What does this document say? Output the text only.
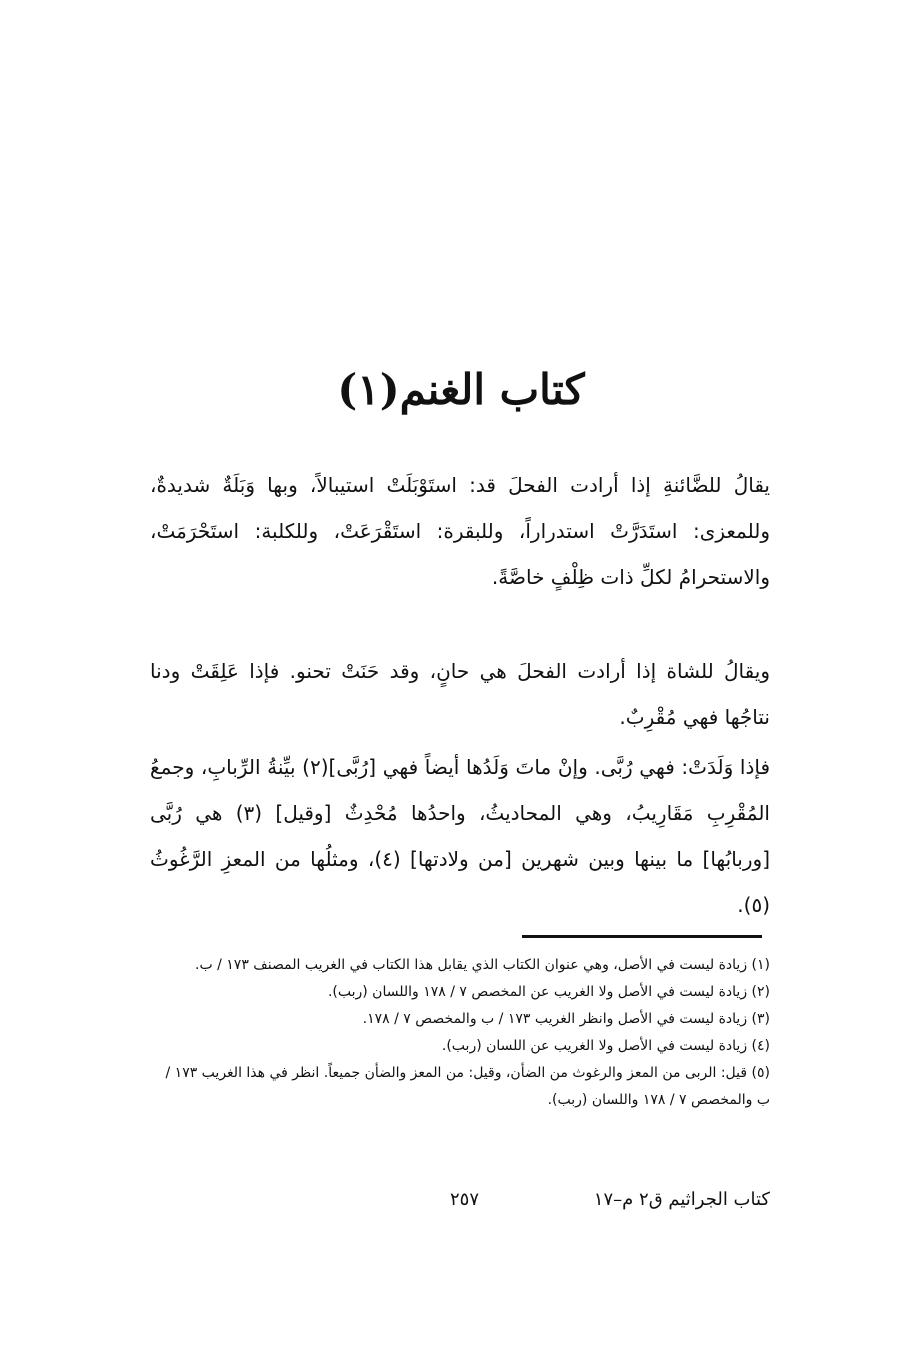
كتاب الغنم(١)

يقالُ للضَّائنةِ إذا أرادت الفحلَ قد: استَوْبَلَتْ استيبالاً، وبها وَبَلَةٌ شديدةٌ، وللمعزى: استَدَرَّتْ استدراراً، وللبقرة: استَقْرَعَتْ، وللكلبة: استَحْرَمَتْ، والاستحرامُ لكلِّ ذات ظِلْفٍ خاصَّةً.

ويقالُ للشاة إذا أرادت الفحلَ هي حانٍ، وقد حَنَتْ تحنو. فإذا عَلِقَتْ ودنا نتاجُها فهي مُقْرِبٌ.

فإذا وَلَدَتْ: فهي رُبَّى. وإنْ ماتَ وَلَدُها أيضاً فهي [رُبَّى](٢) بيِّنةُ الرِّبابِ، وجمعُ المُقْرِبِ مَقَارِيبُ، وهي المحاديثُ، واحدُها مُحْدِثٌ [وقيل] (٣) هي رُبَّى [وربابُها] ما بينها وبين شهرين [من ولادتها] (٤)، ومثلُها من المعزِ الرَّغُوثُ (٥).

(١) زيادة ليست في الأصل، وهي عنوان الكتاب الذي يقابل هذا الكتاب في الغريب المصنف ١٧٣ / ب.
(٢) زيادة ليست في الأصل ولا الغريب عن المخصص ٧ / ١٧٨ واللسان (ربب).
(٣) زيادة ليست في الأصل وانظر الغريب ١٧٣ / ب والمخصص ٧ / ١٧٨.
(٤) زيادة ليست في الأصل ولا الغريب عن اللسان (ربب).
(٥) قيل: الربى من المعز والرغوث من الضأن، وقيل: من المعز والضأن جميعاً. انظر في هذا الغريب ١٧٣ / ب والمخصص ٧ / ١٧٨ واللسان (ربب).
كتاب الجراثيم ق٢ م–١٧
٢٥٧
